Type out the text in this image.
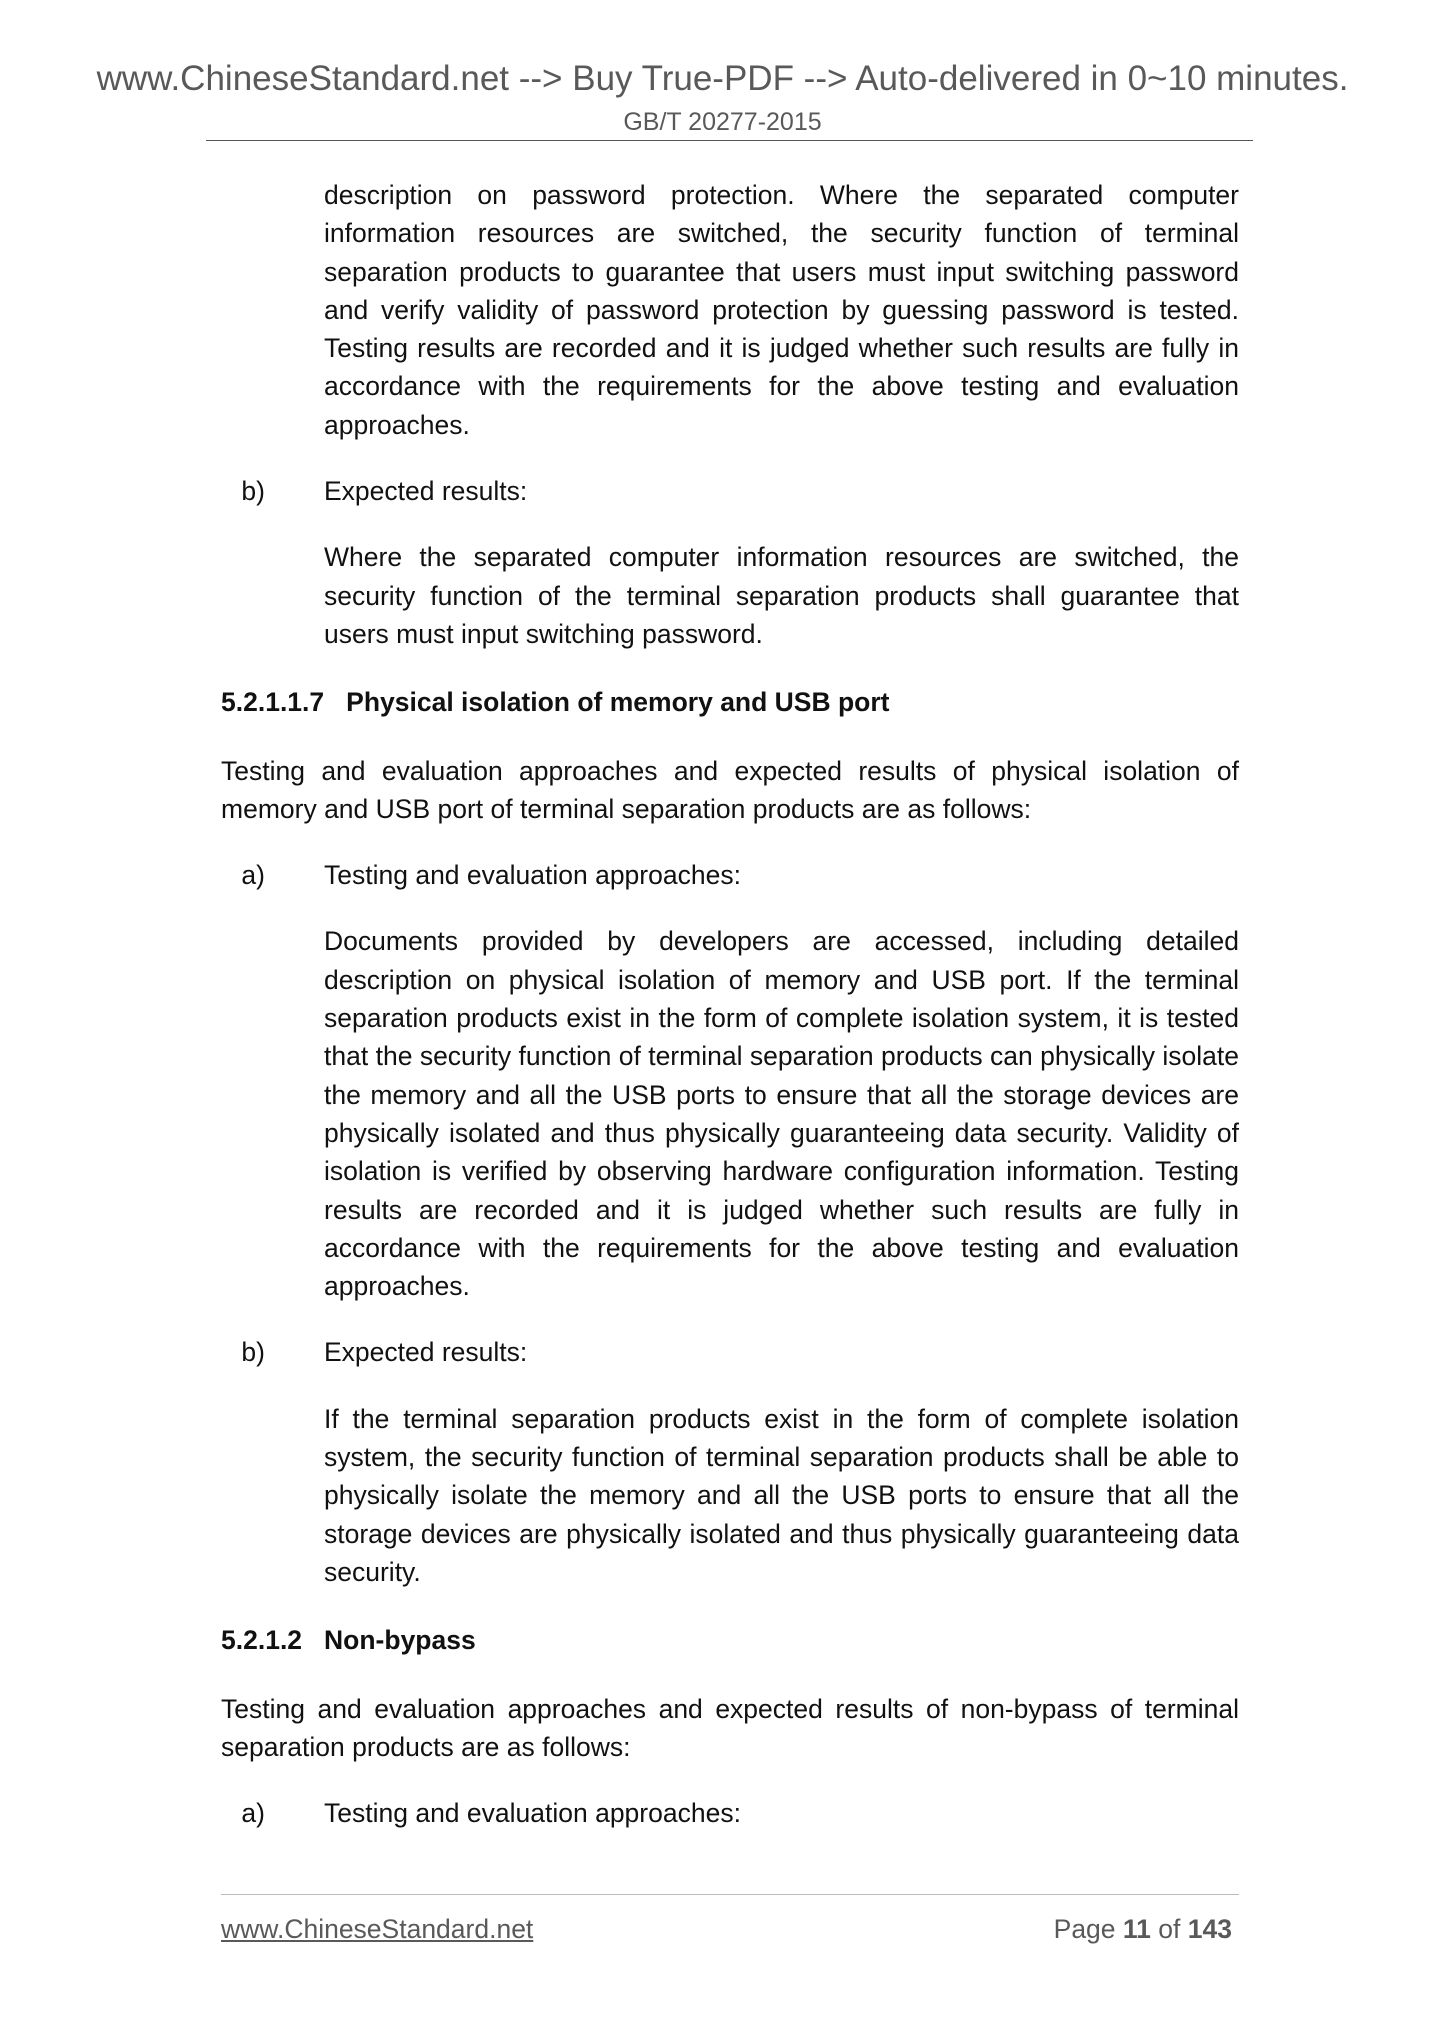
www.ChineseStandard.net --> Buy True-PDF --> Auto-delivered in 0~10 minutes.
GB/T 20277-2015

description on password protection. Where the separated computer information resources are switched, the security function of terminal separation products to guarantee that users must input switching password and verify validity of password protection by guessing password is tested. Testing results are recorded and it is judged whether such results are fully in accordance with the requirements for the above testing and evaluation approaches.

b) Expected results:

Where the separated computer information resources are switched, the security function of the terminal separation products shall guarantee that users must input switching password.

5.2.1.1.7 Physical isolation of memory and USB port

Testing and evaluation approaches and expected results of physical isolation of memory and USB port of terminal separation products are as follows:

a) Testing and evaluation approaches:

Documents provided by developers are accessed, including detailed description on physical isolation of memory and USB port. If the terminal separation products exist in the form of complete isolation system, it is tested that the security function of terminal separation products can physically isolate the memory and all the USB ports to ensure that all the storage devices are physically isolated and thus physically guaranteeing data security. Validity of isolation is verified by observing hardware configuration information. Testing results are recorded and it is judged whether such results are fully in accordance with the requirements for the above testing and evaluation approaches.

b) Expected results:

If the terminal separation products exist in the form of complete isolation system, the security function of terminal separation products shall be able to physically isolate the memory and all the USB ports to ensure that all the storage devices are physically isolated and thus physically guaranteeing data security.

5.2.1.2 Non-bypass

Testing and evaluation approaches and expected results of non-bypass of terminal separation products are as follows:

a) Testing and evaluation approaches:
www.ChineseStandard.net	Page 11 of 143
